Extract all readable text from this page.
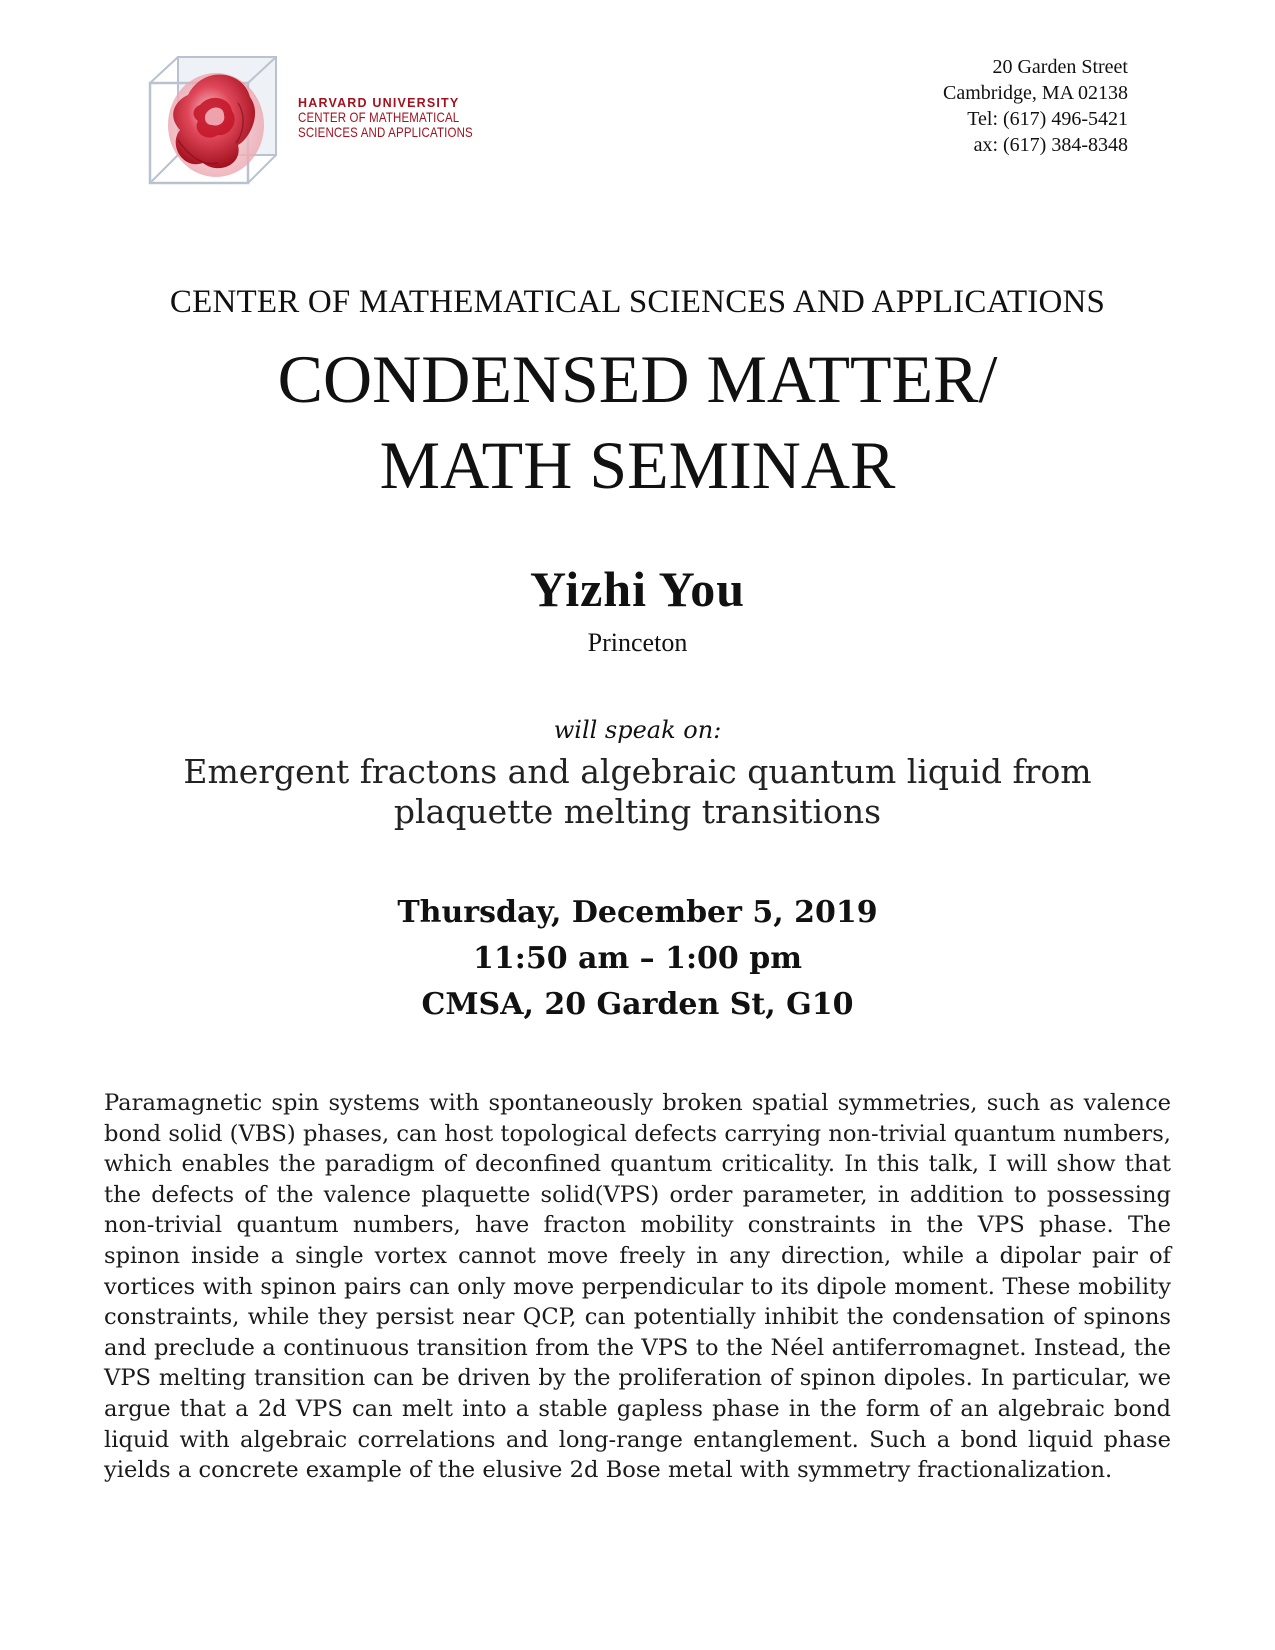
HARVARD UNIVERSITY
CENTER OF MATHEMATICAL
SCIENCES AND APPLICATIONS
20 Garden Street
Cambridge, MA 02138
Tel: (617) 496-5421
ax: (617) 384-8348
CENTER OF MATHEMATICAL SCIENCES AND APPLICATIONS
CONDENSED MATTER/
MATH SEMINAR
Yizhi You
Princeton
will speak on:
Emergent fractons and algebraic quantum liquid from
plaquette melting transitions
Thursday, December 5, 2019
11:50 am – 1:00 pm
CMSA, 20 Garden St, G10

Paramagnetic spin systems with spontaneously broken spatial symmetries, such as valence bond solid (VBS) phases, can host topological defects carrying non-trivial quantum numbers, which enables the paradigm of deconfined quantum criticality. In this talk, I will show that the defects of the valence plaquette solid(VPS) order parameter, in addition to possessing non-trivial quantum numbers, have fracton mobility constraints in the VPS phase. The spinon inside a single vortex cannot move freely in any direction, while a dipolar pair of vortices with spinon pairs can only move perpendicular to its dipole moment. These mobility constraints, while they persist near QCP, can potentially inhibit the condensation of spinons and preclude a continuous transition from the VPS to the Néel antiferromagnet. Instead, the VPS melting transition can be driven by the proliferation of spinon dipoles. In particular, we argue that a 2d VPS can melt into a stable gapless phase in the form of an algebraic bond liquid with algebraic correlations and long-range entanglement. Such a bond liquid phase yields a concrete example of the elusive 2d Bose metal with symmetry fractionalization.
